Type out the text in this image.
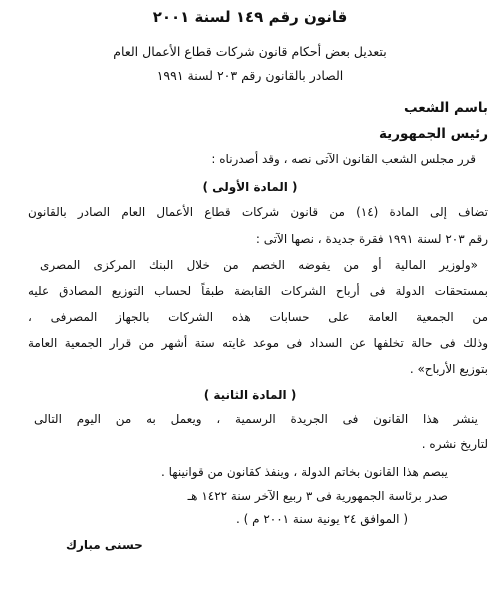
قانون رقم ١٤٩ لسنة ٢٠٠١
بتعديل بعض أحكام قانون شركات قطاع الأعمال العام
الصادر بالقانون رقم ٢٠٣ لسنة ١٩٩١
باسم الشعب
رئيس الجمهورية
قرر مجلس الشعب القانون الآتى نصه ، وقد أصدرناه :
( المادة الأولى )
تضاف إلى المادة (١٤) من قانون شركات قطاع الأعمال العام الصادر بالقانون
رقم ٢٠٣ لسنة ١٩٩١ فقرة جديدة ، نصها الآتى :
«ولوزير المالية أو من يفوضه الخصم من خلال البنك المركزى المصرى
بمستحقات الدولة فى أرباح الشركات القابضة طبقاً لحساب التوزيع المصادق عليه
من الجمعية العامة على حسابات هذه الشركات بالجهاز المصرفى ،
وذلك فى حالة تخلفها عن السداد فى موعد غايته ستة أشهر من قرار الجمعية العامة
بتوزيع الأرباح» .
( المادة الثانية )
ينشر هذا القانون فى الجريدة الرسمية ، ويعمل به من اليوم التالى
لتاريخ نشره .
يبصم هذا القانون بخاتم الدولة ، وينفذ كقانون من قوانينها .
صدر برئاسة الجمهورية فى ٣ ربيع الآخر سنة ١٤٢٢ هـ
( الموافق ٢٤ يونية سنة ٢٠٠١ م ) .
حسنى مبارك
